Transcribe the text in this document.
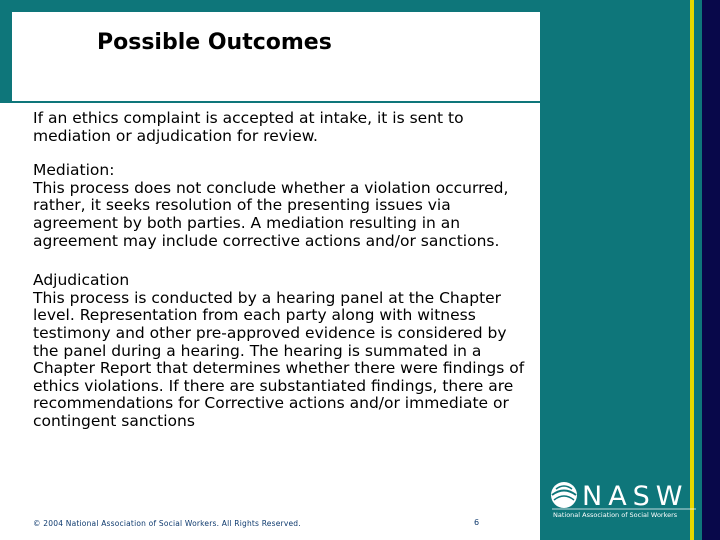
Possible Outcomes

If an ethics complaint is accepted at intake, it is sent to mediation or adjudication for review.

Mediation:
This process does not conclude whether a violation occurred, rather, it seeks resolution of the presenting issues via agreement by both parties. A mediation resulting in an agreement may include corrective actions and/or sanctions.

Adjudication
This process is conducted by a hearing panel at the Chapter level. Representation from each party along with witness testimony and other pre-approved evidence is considered by the panel during a hearing. The hearing is summated in a Chapter Report that determines whether there were findings of ethics violations. If there are substantiated findings, there are recommendations for Corrective actions and/or immediate or contingent sanctions

© 2004 National Association of Social Workers. All Rights Reserved.	6
NASW
National Association of Social Workers
